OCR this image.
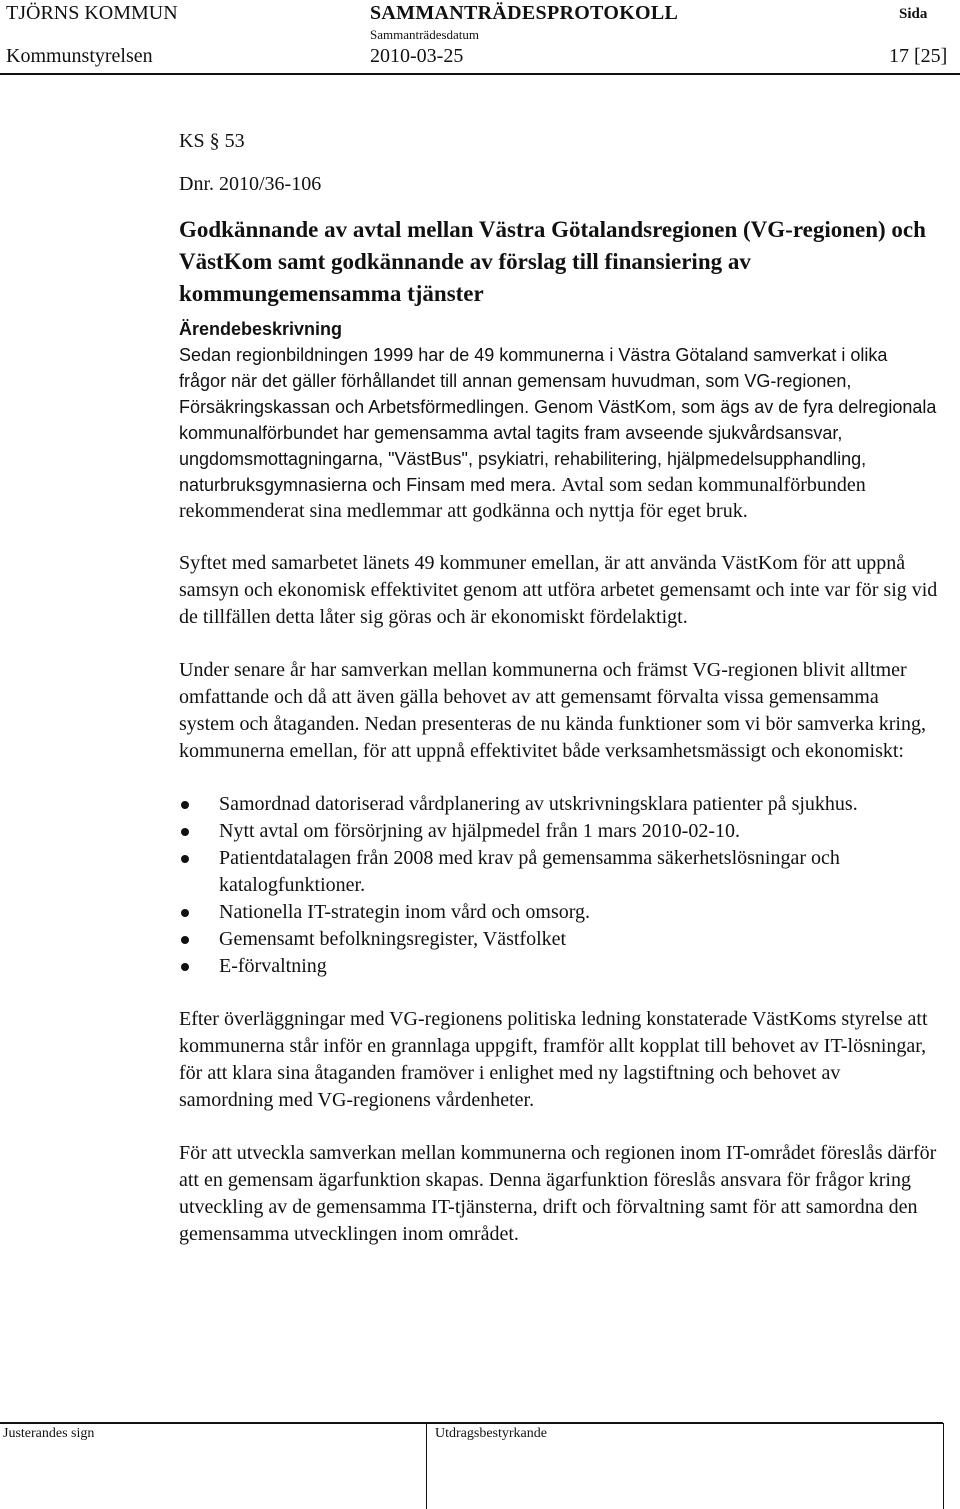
TJÖRNS KOMMUN	SAMMANTRÄDESPROTOKOLL	Sida
Sammanträdesdatum
Kommunstyrelsen	2010-03-25	17 [25]

KS § 53

Dnr. 2010/36-106

Godkännande av avtal mellan Västra Götalandsregionen (VG-regionen) och VästKom samt godkännande av förslag till finansiering av kommungemensamma tjänster
Ärendebeskrivning

Sedan regionbildningen 1999 har de 49 kommunerna i Västra Götaland samverkat i olika frågor när det gäller förhållandet till annan gemensam huvudman, som VG-regionen, Försäkringskassan och Arbetsförmedlingen. Genom VästKom, som ägs av de fyra delregionala kommunalförbundet har gemensamma avtal tagits fram avseende sjukvårdsansvar, ungdomsmottagningarna, "VästBus", psykiatri, rehabilitering, hjälpmedelsupphandling, naturbruksgymnasierna och Finsam med mera. Avtal som sedan kommunalförbunden rekommenderat sina medlemmar att godkänna och nyttja för eget bruk.

Syftet med samarbetet länets 49 kommuner emellan, är att använda VästKom för att uppnå samsyn och ekonomisk effektivitet genom att utföra arbetet gemensamt och inte var för sig vid de tillfällen detta låter sig göras och är ekonomiskt fördelaktigt.

Under senare år har samverkan mellan kommunerna och främst VG-regionen blivit alltmer omfattande och då att även gälla behovet av att gemensamt förvalta vissa gemensamma system och åtaganden. Nedan presenteras de nu kända funktioner som vi bör samverka kring, kommunerna emellan, för att uppnå effektivitet både verksamhetsmässigt och ekonomiskt:

Samordnad datoriserad vårdplanering av utskrivningsklara patienter på sjukhus.
Nytt avtal om försörjning av hjälpmedel från 1 mars 2010-02-10.
Patientdatalagen från 2008 med krav på gemensamma säkerhetslösningar och katalogfunktioner.
Nationella IT-strategin inom vård och omsorg.
Gemensamt befolkningsregister, Västfolket
E-förvaltning

Efter överläggningar med VG-regionens politiska ledning konstaterade VästKoms styrelse att kommunerna står inför en grannlaga uppgift, framför allt kopplat till behovet av IT-lösningar, för att klara sina åtaganden framöver i enlighet med ny lagstiftning och behovet av samordning med VG-regionens vårdenheter.

För att utveckla samverkan mellan kommunerna och regionen inom IT-området föreslås därför att en gemensam ägarfunktion skapas. Denna ägarfunktion föreslås ansvara för frågor kring utveckling av de gemensamma IT-tjänsterna, drift och förvaltning samt för att samordna den gemensamma utvecklingen inom området.

Justerandes sign	Utdragsbestyrkande
